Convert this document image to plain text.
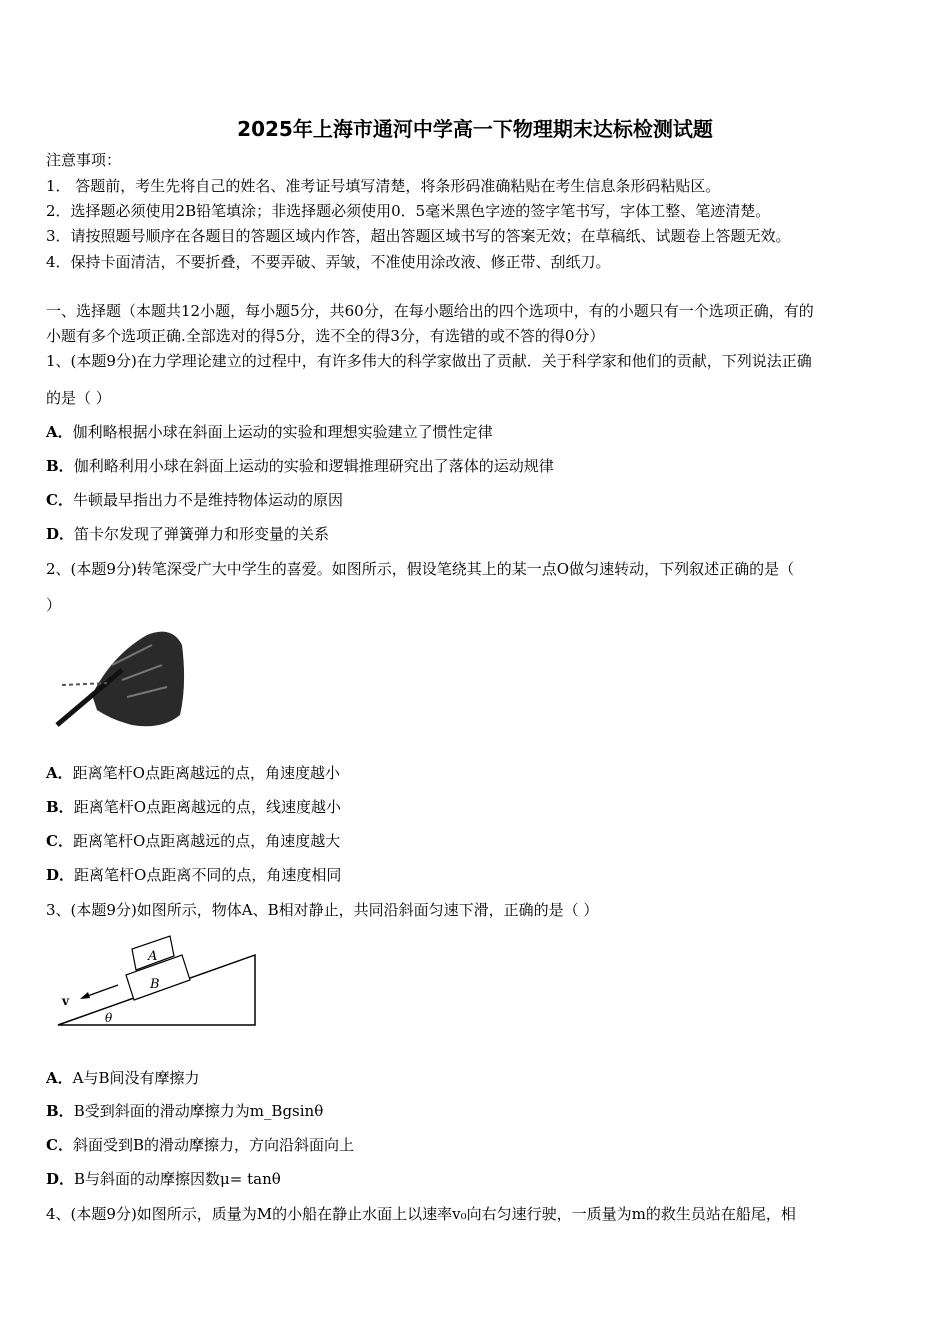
2025年上海市通河中学高一下物理期末达标检测试题
注意事项：
1． 答题前，考生先将自己的姓名、准考证号填写清楚，将条形码准确粘贴在考生信息条形码粘贴区。
2．选择题必须使用2B铅笔填涂；非选择题必须使用0．5毫米黑色字迹的签字笔书写，字体工整、笔迹清楚。
3．请按照题号顺序在各题目的答题区域内作答，超出答题区域书写的答案无效；在草稿纸、试题卷上答题无效。
4．保持卡面清洁，不要折叠，不要弄破、弄皱，不准使用涂改液、修正带、刮纸刀。
一、选择题（本题共12小题，每小题5分，共60分，在每小题给出的四个选项中，有的小题只有一个选项正确，有的
小题有多个选项正确.全部选对的得5分，选不全的得3分，有选错的或不答的得0分）
1、(本题9分)在力学理论建立的过程中，有许多伟大的科学家做出了贡献．关于科学家和他们的贡献，下列说法正确
的是（ ）
A．伽利略根据小球在斜面上运动的实验和理想实验建立了惯性定律
B．伽利略利用小球在斜面上运动的实验和逻辑推理研究出了落体的运动规律
C．牛顿最早指出力不是维持物体运动的原因
D．笛卡尔发现了弹簧弹力和形变量的关系
2、(本题9分)转笔深受广大中学生的喜爱。如图所示，假设笔绕其上的某一点O做匀速转动，下列叙述正确的是（
）
A．距离笔杆O点距离越远的点，角速度越小
B．距离笔杆O点距离越远的点，线速度越小
C．距离笔杆O点距离越远的点，角速度越大
D．距离笔杆O点距离不同的点，角速度相同
3、(本题9分)如图所示，物体A、B相对静止，共同沿斜面匀速下滑，正确的是（ ）
B
A
v
θ
A．A与B间没有摩擦力
B．B受到斜面的滑动摩擦力为m_Bgsinθ
C．斜面受到B的滑动摩擦力，方向沿斜面向上
D．B与斜面的动摩擦因数μ= tanθ
4、(本题9分)如图所示，质量为M的小船在静止水面上以速率v₀向右匀速行驶，一质量为m的救生员站在船尾，相
